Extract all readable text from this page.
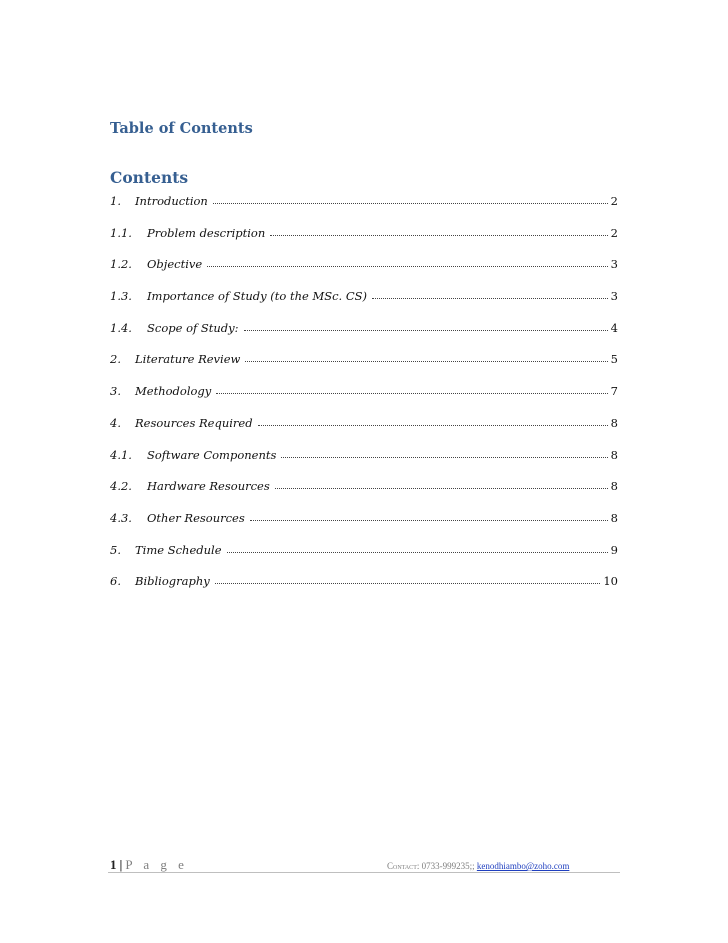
Table of Contents
Contents
1.	Introduction	2
1.1.	Problem description	2
1.2.	Objective	3
1.3.	Importance of Study (to the MSc. CS)	3
1.4.	Scope of Study:	4
2.	Literature Review	5
3.	Methodology	7
4.	Resources Required	8
4.1.	Software Components	8
4.2.	Hardware Resources	8
4.3.	Other Resources	8
5.	Time Schedule	9
6.	Bibliography	10
1 | P a g e	Contact: 0733-999235;; kenodhiambo@zoho.com
